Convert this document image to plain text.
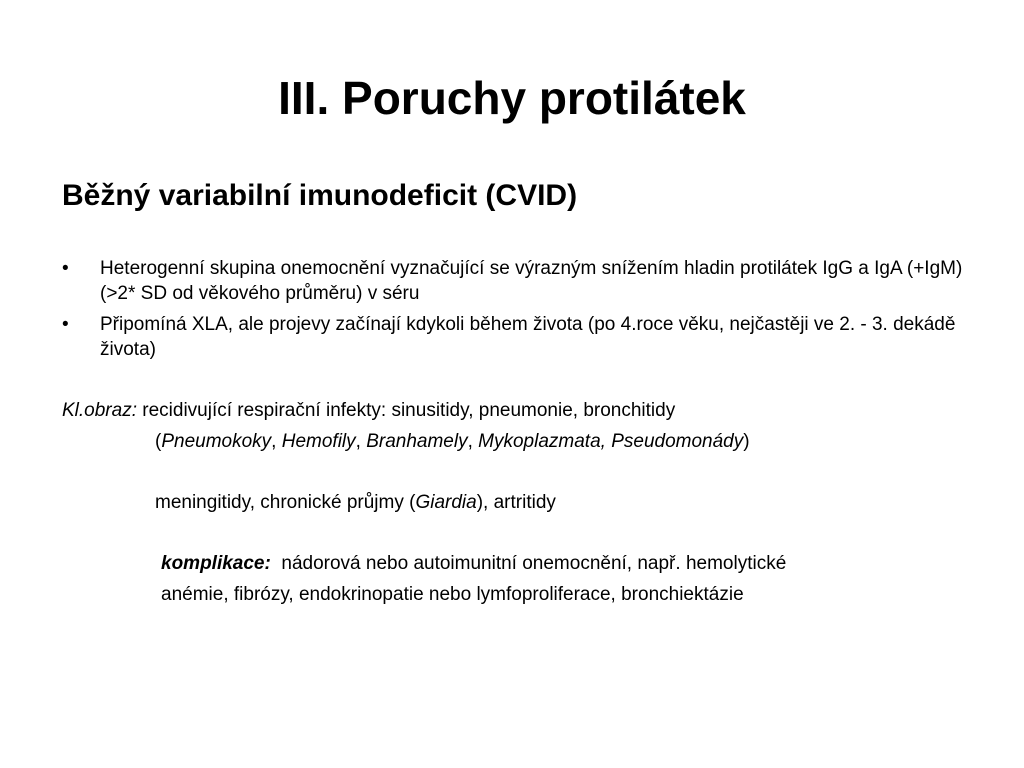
III. Poruchy protilátek
Běžný variabilní imunodeficit (CVID)
•	Heterogenní skupina onemocnění vyznačující se výrazným snížením hladin protilátek IgG a IgA (+IgM)(>2* SD od věkového průměru) v séru
•	Připomíná XLA, ale projevy začínají kdykoli během života (po 4.roce věku, nejčastěji ve 2. - 3. dekádě života)
Kl.obraz: recidivující respirační infekty: sinusitidy, pneumonie, bronchitidy
(Pneumokoky, Hemofily, Branhamely, Mykoplazmata, Pseudomonády)
meningitidy, chronické průjmy (Giardia), artritidy
komplikace:  nádorová nebo autoimunitní onemocnění, např. hemolytické
anémie, fibrózy, endokrinopatie nebo lymfoproliferace, bronchiektázie
